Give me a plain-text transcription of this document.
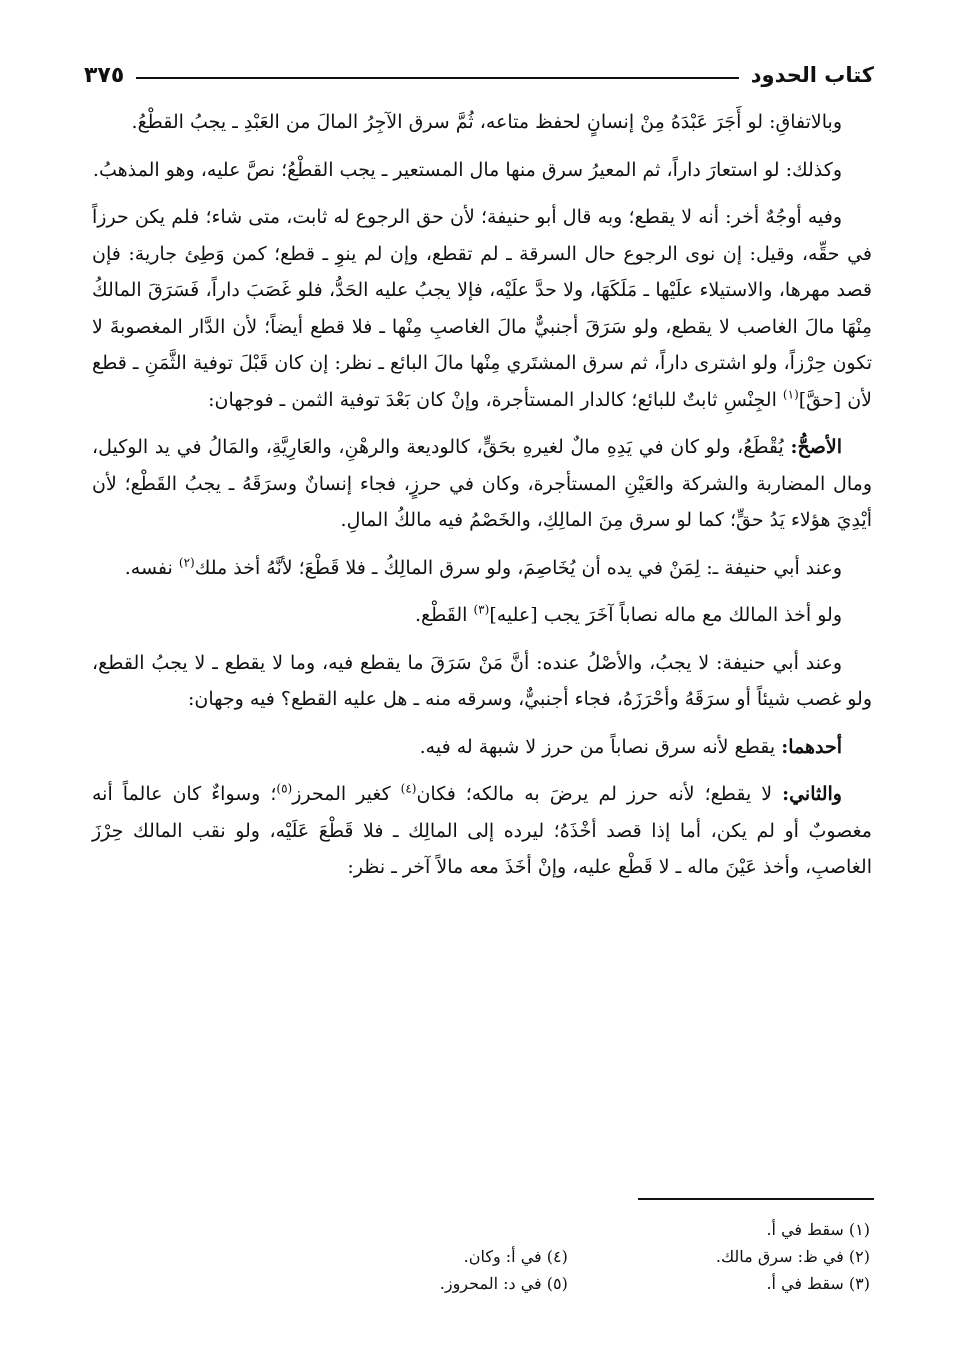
كتاب الحدود
٣٧٥

وبالاتفاقِ: لو أَجَرَ عَبْدَهُ مِنْ إنسانٍ لحفظ متاعه، ثُمَّ سرق الآجِرُ المالَ من العَبْدِ ـ يجبُ القطْعُ.

وكذلك: لو استعارَ داراً، ثم المعيرُ سرق منها مال المستعير ـ يجب القطْعُ؛ نصَّ عليه، وهو المذهبُ.

وفيه أوجُهٌ أخر: أنه لا يقطع؛ وبه قال أبو حنيفة؛ لأن حق الرجوع له ثابت، متى شاء؛ فلم يكن حرزاً في حقِّه، وقيل: إن نوى الرجوع حال السرقة ـ لم تقطع، وإن لم ينوِ ـ قطع؛ كمن وَطِئ جارية: فإن قصد مهرها، والاستيلاء علَيْها ـ مَلَكَهَا، ولا حدَّ علَيْه، فإلا يجبُ عليه الحَدُّ، فلو غَصَبَ داراً، فَسَرَقَ المالكُ مِنْهَا مالَ الغاصب لا يقطع، ولو سَرَقَ أجنبيٌّ مالَ الغاصبِ مِنْها ـ فلا قطع أيضاً؛ لأن الدَّار المغصوبةَ لا تكون حِرْزاً، ولو اشترى داراً، ثم سرق المشتَري مِنْها مالَ البائع ـ نظر: إن كان قَبْلَ توفية الثَّمَنِ ـ قطع لأن [حقَّ]$^{(١)}$ الجِنْسِ ثابتٌ للبائع؛ كالدار المستأجرة، وإنْ كان بَعْدَ توفية الثمن ـ فوجهان:

الأصحُّ: يُقْطَعُ، ولو كان في يَدِهِ مالٌ لغيرهِ بحَقٍّ، كالوديعة والرهْنِ، والعَارِيَّةِ، والمَالُ في يد الوكيل، ومال المضاربة والشركة والعَيْنِ المستأجرة، وكان في حرزٍ، فجاء إنسانٌ وسرَقَهُ ـ يجبُ القَطْع؛ لأن أيْدِيَ هؤلاء يَدُ حقٍّ؛ كما لو سرق مِنَ المالِكِ، والخَصْمُ فيه مالكُ المالِ.

وعند أبي حنيفة ـ: لِمَنْ في يده أن يُخَاصِمَ، ولو سرق المالِكُ ـ فلا قَطْعَ؛ لأنَّهُ أخذ ملك$^{(٢)}$ نفسه.

ولو أخذ المالك مع ماله نصاباً آخَرَ يجب [عليه]$^{(٣)}$ القَطْع.

وعند أبي حنيفة: لا يجبُ، والأصْلُ عنده: أنَّ مَنْ سَرَقَ ما يقطع فيه، وما لا يقطع ـ لا يجبُ القطع، ولو غصب شيئاً أو سرَقَهُ وأحْرَزَهُ، فجاء أجنبيٌّ، وسرقه منه ـ هل عليه القطع؟ فيه وجهان:

أحدهما: يقطع لأنه سرق نصاباً من حرز لا شبهة له فيه.

والثاني: لا يقطع؛ لأنه حرز لم يرضَ به مالكه؛ فكان$^{(٤)}$ كغير المحرز$^{(٥)}$؛ وسواءٌ كان عالماً أنه مغصوبٌ أو لم يكن، أما إذا قصد أخْذَهُ؛ ليرده إلى المالِك ـ فلا قَطْعَ عَلَيْه، ولو نقب المالك حِرْزَ الغاصبِ، وأخذ عَيْنَ ماله ـ لا قَطْع عليه، وإنْ أخَذَ معه مالاً آخر ـ نظر:

(١) سقط في أ.
(٢) في ظ: سرق مالك.
(٣) سقط في أ.
(٤) في أ: وكان.
(٥) في د: المحروز.
